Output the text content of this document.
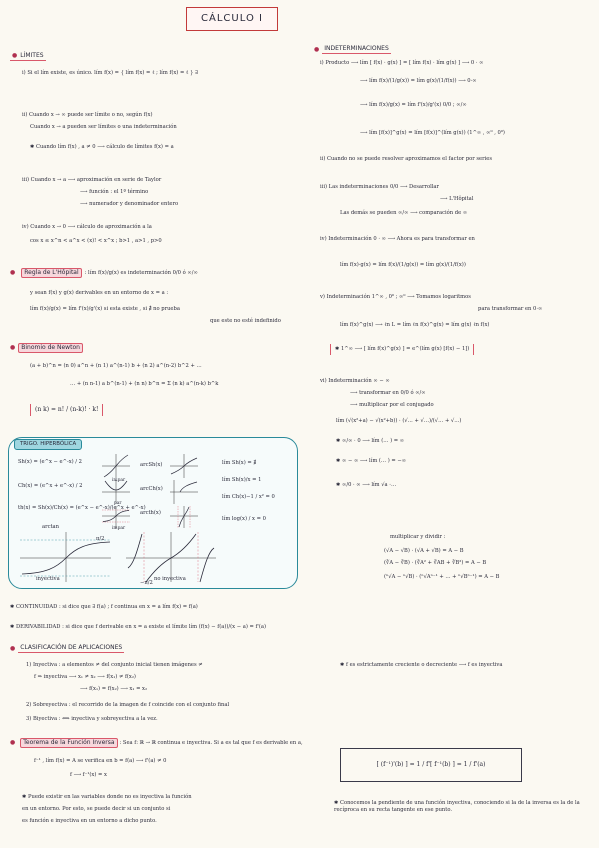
CÁLCULO I
● LÍMITES
i) Si el lím existe, es único. lím f(x) = { lím f(x) = ℓ ; lím f(x) = ℓ } ∃
ii) Cuando x → ∞ puede ser límite o no, según f(x)
Cuando x → a pueden ser límites o una indeterminación
✱ Cuando lím f(x) , a ≠ 0 ⟶ cálculo de límites f(x) = a
iii) Cuando x → a ⟶ aproximación en serie de Taylor
⟶ función : el 1º término
⟶ numerador y denominador entero
iv) Cuando x → 0 ⟶ cálculo de aproximación a la
cos x ≤ x^n < a^x < (x)! < x^x ; b>1 , a>1 , p>0
●	Regla de L'Hôpital	: lím f(x)/g(x) es indeterminación 0/0 ó ∞/∞
y sean f(x) y g(x) derivables en un entorno de x = a :
lím f(x)/g(x) = lím f'(x)/g'(x) si esta existe , si ∄ no prueba
que este no esté indefinido
●	Binomio de Newton
(a + b)^n = (n 0) a^n + (n 1) a^(n-1) b + (n 2) a^(n-2) b^2 + …
… + (n n-1) a b^(n-1) + (n n) b^n = Σ (n k) a^(n-k) b^k
(n k) = n! / (n-k)! · k!
TRIGO. HIPERBÓLICA
Sh(x) = (e^x − e^-x) / 2
Ch(x) = (e^x + e^-x) / 2
th(x) = Sh(x)/Ch(x) = (e^x − e^-x)/(e^x + e^-x)
impar
par
impar
arcSh(x)
arcCh(x)
arcth(x)
lím Sh(x) = ∄
lím Sh(x)/x = 1
lím Ch(x)−1 / x² = 0
lím log(x) / x = 0
arctan
inyectiva	no inyectiva
π/2
−π/2
✱ CONTINUIDAD : si dice que ∃ f(a) ; f continua en x = a lím f(x) = f(a)
✱ DERIVABILIDAD : si dice que f derivable en x = a existe el límite lím (f(x) − f(a))/(x − a) = f'(a)
● CLASIFICACIÓN DE APLICACIONES
1) Inyectiva : a elementos ≠ del conjunto inicial tienen imágenes ≠
f ⇒ inyectiva ⟶ x₁ ≠ x₂ ⟶ f(x₁) ≠ f(x₂)
⟶ f(x₁) = f(x₂) ⟶ x₁ = x₂
2) Sobreyectiva : el recorrido de la imagen de f coincide con el conjunto final
3) Biyectiva : ⟺ inyectiva y sobreyectiva a la vez.
●	Teorema de la Función Inversa : Sea f: ℝ → ℝ continua e inyectiva. Si a es tal que f es derivable en a,
f⁻¹ , lím f(x) = A se verifica en b = f(a) ⟶ f'(a) ≠ 0
f ⟶ f⁻¹(x) = x
✱ Puede existir en las variables donde no es inyectiva la función
en un entorno. Por esto, se puede decir si un conjunto si
es función e inyectiva en un entorno a dicho punto.
● INDETERMINACIONES
i) Producto ⟶ lím [ f(x) · g(x) ] = [ lím f(x) · lím g(x) ] ⟶ 0 · ∞
⟶ lím f(x)/(1/g(x)) = lím g(x)/(1/f(x)) ⟶ 0·∞
⟶ lím f(x)/g(x) = lím f'(x)/g'(x) 0/0 ; ∞/∞
⟶ lím [f(x)]^g(x) = lím [f(x)]^(lím g(x)) (1^∞ , ∞⁰ , 0⁰)
ii) Cuando no se puede resolver aproximamos el factor por series
iii) Las indeterminaciones 0/0 ⟶ Desarrollar
⟶ L'Hôpital
Las demás se pueden ∞/∞ ⟶ comparación de ∞
iv) Indeterminación 0 · ∞ ⟶ Ahora es para transformar en
lím f(x)·g(x) = lím f(x)/(1/g(x)) = lím g(x)/(1/f(x))
v) Indeterminación 1^∞ , 0⁰ ; ∞⁰ ⟶ Tomamos logaritmos
para transformar en 0·∞
lím f(x)^g(x) ⟶ ℓn L = lím ℓn f(x)^g(x) = lím g(x) ℓn f(x)
✱ 1^∞ ⟶ [ lím f(x)^g(x) ] = e^(lím g(x) [f(x) − 1])
vi) Indeterminación ∞ − ∞
⟶ transformar en 0/0 ó ∞/∞
⟶ multiplicar por el conjugado
lím (√(x²+a) − √(x²+b)) · (√… + √…)/(√… + √…)
✱ ∞/∞ · 0 ⟶ lím (… ) = ∞
✱ ∞ − ∞ ⟶ lím (… ) = −∞
✱ ∞/0 · ∞ ⟶ lím √a ·…
multiplicar y dividir :
(√A − √B) · (√A + √B) = A − B
(∛A − ∛B) · (∛A² + ∛AB + ∛B²) = A − B
(ⁿ√A − ⁿ√B) · (ⁿ√Aⁿ⁻¹ + … + ⁿ√Bⁿ⁻¹) = A − B
✱ f es estrictamente creciente o decreciente ⟶ f es inyectiva
[ (f⁻¹)'(b) ] = 1 / f'[ f⁻¹(b) ] = 1 / f'(a)
✱ Conocemos la pendiente de una función inyectiva, conociendo si la de la inversa es la de la recíproca en su recta tangente en ese punto.
